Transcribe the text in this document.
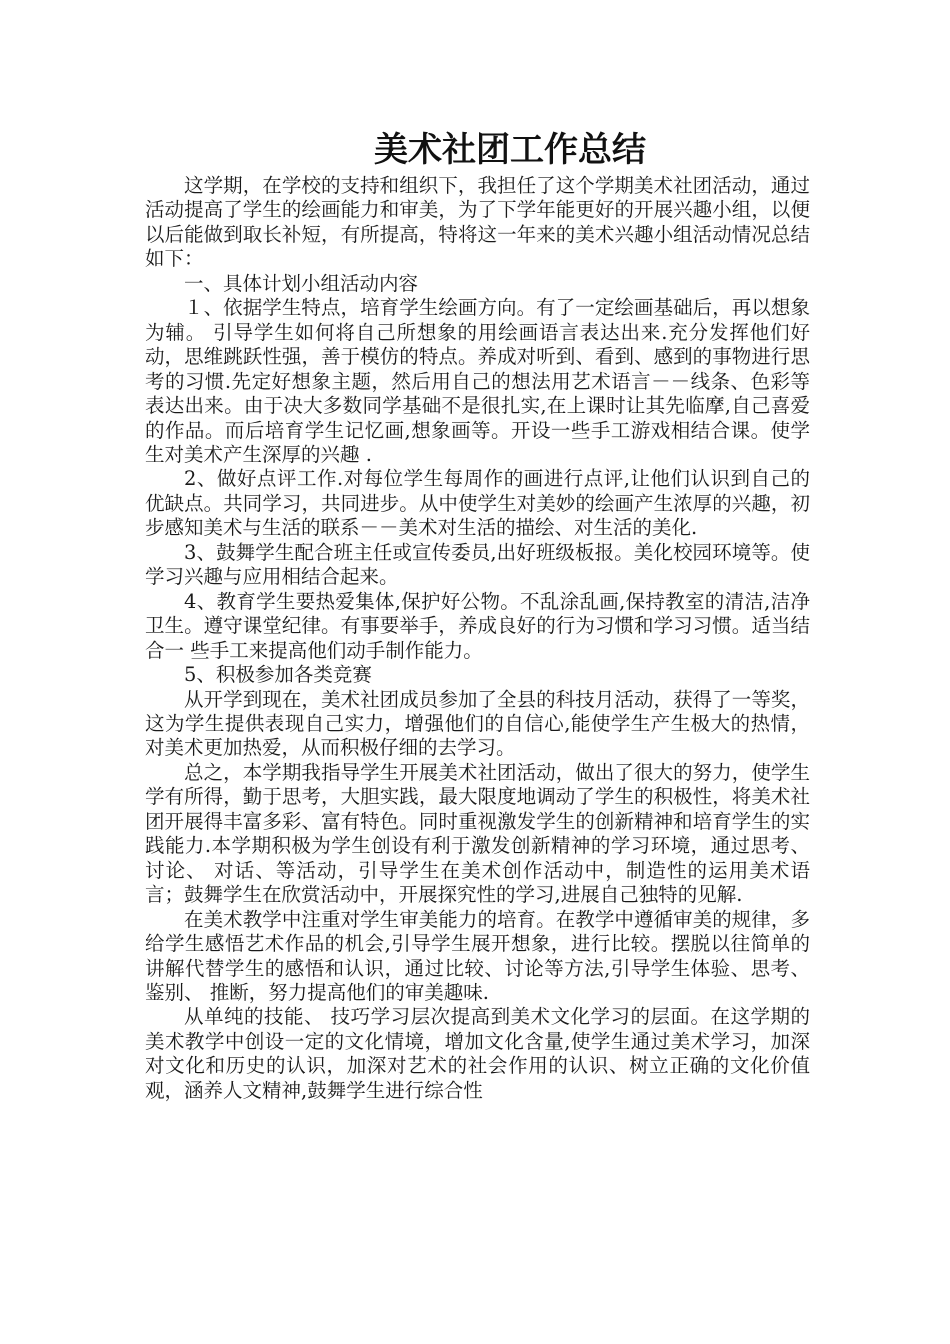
美术社团工作总结

这学期，在学校的支持和组织下，我担任了这个学期美术社团活动，通过活动提高了学生的绘画能力和审美，为了下学年能更好的开展兴趣小组，以便以后能做到取长补短，有所提高，特将这一年来的美术兴趣小组活动情况总结如下：

一、具体计划小组活动内容

１、依据学生特点，培育学生绘画方向。有了一定绘画基础后，再以想象为辅。 引导学生如何将自己所想象的用绘画语言表达出来.充分发挥他们好动，思维跳跃性强，善于模仿的特点。养成对听到、看到、感到的事物进行思考的习惯.先定好想象主题，然后用自己的想法用艺术语言－－线条、色彩等表达出来。由于决大多数同学基础不是很扎实,在上课时让其先临摩,自己喜爱的作品。而后培育学生记忆画,想象画等。开设一些手工游戏相结合课。使学生对美术产生深厚的兴趣 .

2、做好点评工作.对每位学生每周作的画进行点评,让他们认识到自己的优缺点。共同学习，共同进步。从中使学生对美妙的绘画产生浓厚的兴趣，初步感知美术与生活的联系－－美术对生活的描绘、对生活的美化.

3、鼓舞学生配合班主任或宣传委员,出好班级板报。美化校园环境等。使学习兴趣与应用相结合起来。

4、教育学生要热爱集体,保护好公物。不乱涂乱画,保持教室的清洁,洁净卫生。遵守课堂纪律。有事要举手，养成良好的行为习惯和学习习惯。适当结合一 些手工来提高他们动手制作能力。

5、积极参加各类竞赛

从开学到现在，美术社团成员参加了全县的科技月活动，获得了一等奖，这为学生提供表现自己实力，增强他们的自信心,能使学生产生极大的热情，对美术更加热爱，从而积极仔细的去学习。

总之，本学期我指导学生开展美术社团活动，做出了很大的努力，使学生学有所得，勤于思考，大胆实践，最大限度地调动了学生的积极性，将美术社团开展得丰富多彩、富有特色。同时重视激发学生的创新精神和培育学生的实践能力.本学期积极为学生创设有利于激发创新精神的学习环境，通过思考、讨论、 对话、等活动，引导学生在美术创作活动中，制造性的运用美术语言；鼓舞学生在欣赏活动中，开展探究性的学习,进展自己独特的见解.

在美术教学中注重对学生审美能力的培育。在教学中遵循审美的规律，多给学生感悟艺术作品的机会,引导学生展开想象，进行比较。摆脱以往简单的讲解代替学生的感悟和认识，通过比较、讨论等方法,引导学生体验、思考、鉴别、 推断，努力提高他们的审美趣味.

从单纯的技能、 技巧学习层次提高到美术文化学习的层面。在这学期的美术教学中创设一定的文化情境，增加文化含量,使学生通过美术学习，加深对文化和历史的认识，加深对艺术的社会作用的认识、树立正确的文化价值观，涵养人文精神,鼓舞学生进行综合性
